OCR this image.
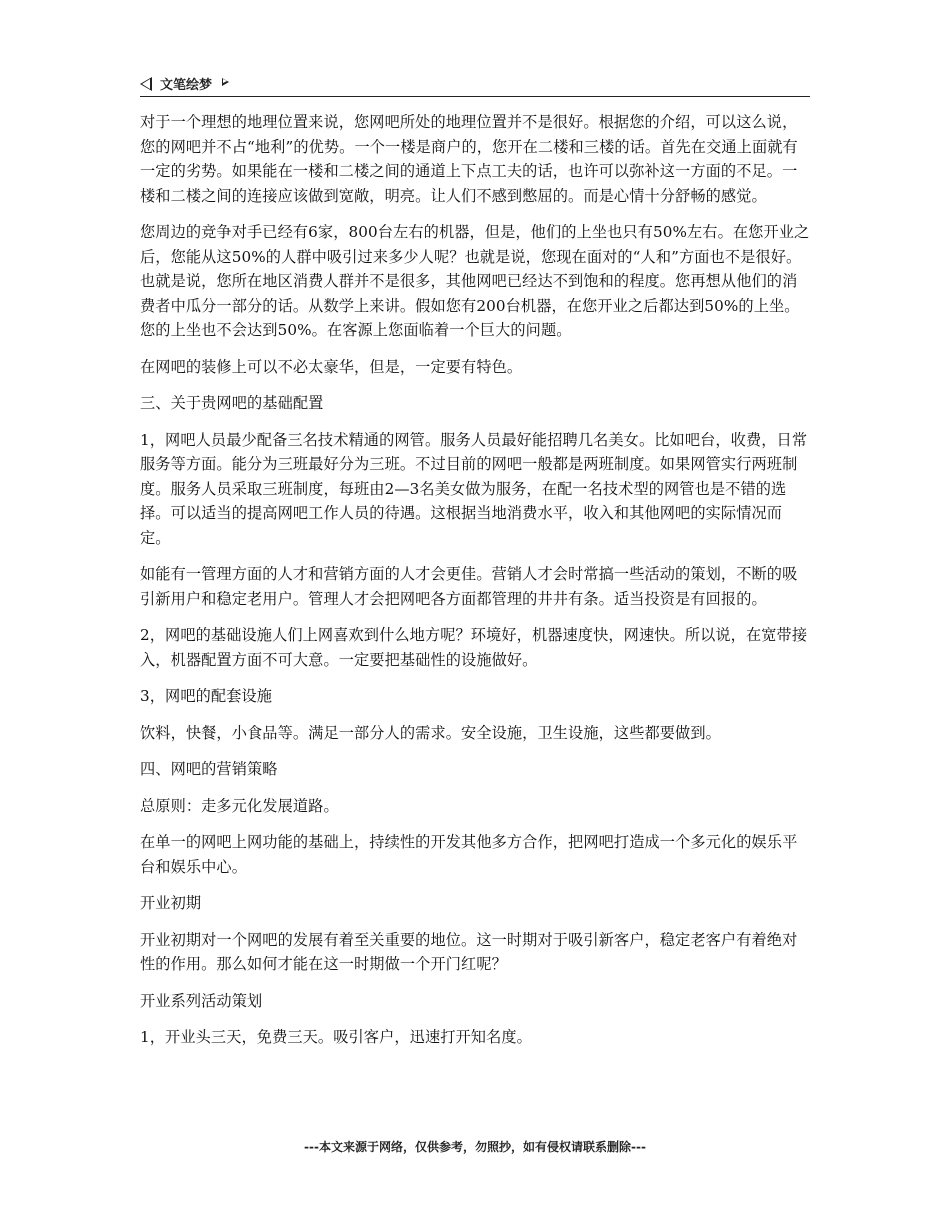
文笔绘梦

对于一个理想的地理位置来说，您网吧所处的地理位置并不是很好。根据您的介绍，可以这么说，您的网吧并不占“地利”的优势。一个一楼是商户的，您开在二楼和三楼的话。首先在交通上面就有一定的劣势。如果能在一楼和二楼之间的通道上下点工夫的话，也许可以弥补这一方面的不足。一楼和二楼之间的连接应该做到宽敞，明亮。让人们不感到憋屈的。而是心情十分舒畅的感觉。

您周边的竞争对手已经有6家，800台左右的机器，但是，他们的上坐也只有50%左右。在您开业之后，您能从这50%的人群中吸引过来多少人呢？也就是说，您现在面对的“人和”方面也不是很好。也就是说，您所在地区消费人群并不是很多，其他网吧已经达不到饱和的程度。您再想从他们的消费者中瓜分一部分的话。从数学上来讲。假如您有200台机器，在您开业之后都达到50%的上坐。您的上坐也不会达到50%。在客源上您面临着一个巨大的问题。

在网吧的装修上可以不必太豪华，但是，一定要有特色。

三、关于贵网吧的基础配置

1，网吧人员最少配备三名技术精通的网管。服务人员最好能招聘几名美女。比如吧台，收费，日常服务等方面。能分为三班最好分为三班。不过目前的网吧一般都是两班制度。如果网管实行两班制度。服务人员采取三班制度，每班由2—3名美女做为服务，在配一名技术型的网管也是不错的选择。可以适当的提高网吧工作人员的待遇。这根据当地消费水平，收入和其他网吧的实际情况而定。

如能有一管理方面的人才和营销方面的人才会更佳。营销人才会时常搞一些活动的策划，不断的吸引新用户和稳定老用户。管理人才会把网吧各方面都管理的井井有条。适当投资是有回报的。

2，网吧的基础设施人们上网喜欢到什么地方呢？环境好，机器速度快，网速快。所以说，在宽带接入，机器配置方面不可大意。一定要把基础性的设施做好。

3，网吧的配套设施

饮料，快餐，小食品等。满足一部分人的需求。安全设施，卫生设施，这些都要做到。

四、网吧的营销策略

总原则：走多元化发展道路。

在单一的网吧上网功能的基础上，持续性的开发其他多方合作，把网吧打造成一个多元化的娱乐平台和娱乐中心。

开业初期

开业初期对一个网吧的发展有着至关重要的地位。这一时期对于吸引新客户，稳定老客户有着绝对性的作用。那么如何才能在这一时期做一个开门红呢？

开业系列活动策划

1，开业头三天，免费三天。吸引客户，迅速打开知名度。

---本文来源于网络，仅供参考，勿照抄，如有侵权请联系删除---
